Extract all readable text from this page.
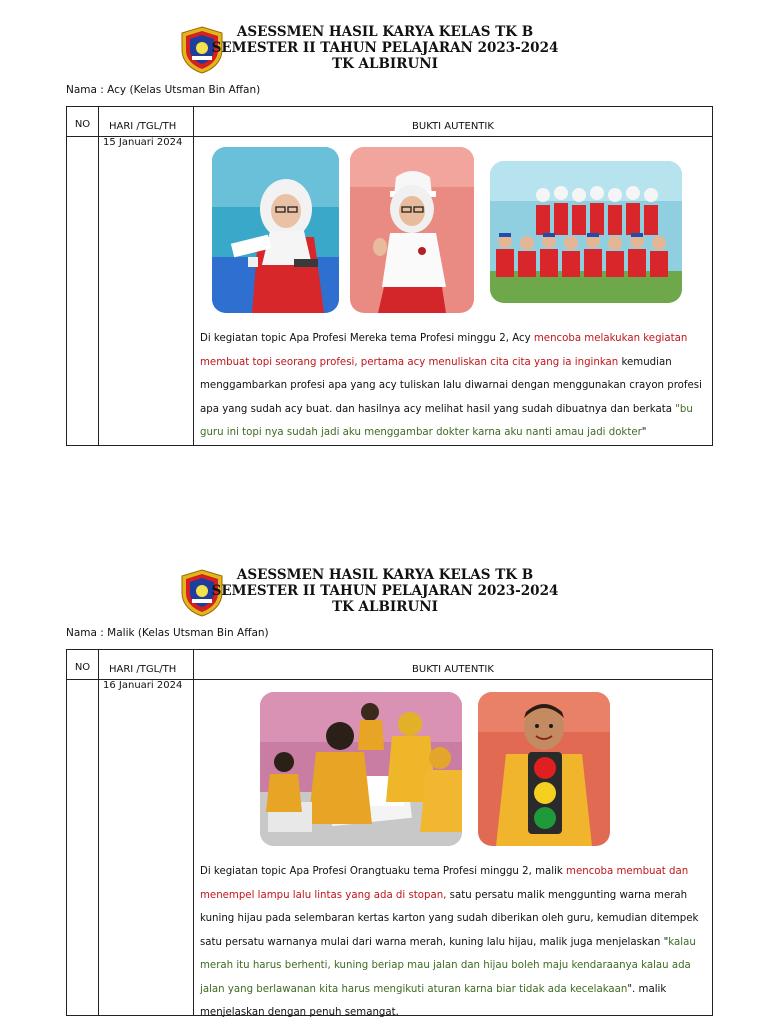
ASESSMEN HASIL KARYA KELAS TK B
SEMESTER II TAHUN PELAJARAN 2023-2024
TK ALBIRUNI
Nama : Acy (Kelas Utsman Bin Affan)
NO	HARI /TGL/TH	BUKTI AUTENTIK
	15 Januari 2024	Di kegiatan topic Apa Profesi Mereka tema Profesi minggu 2, Acy mencoba melakukan kegiatan membuat topi seorang profesi, pertama acy menuliskan cita cita yang ia inginkan kemudian menggambarkan profesi apa yang acy tuliskan lalu diwarnai dengan menggunakan crayon profesi apa yang sudah acy buat. dan hasilnya acy melihat hasil yang sudah dibuatnya dan berkata "bu guru ini topi nya sudah jadi aku menggambar dokter karna aku nanti amau jadi dokter"
ASESSMEN HASIL KARYA KELAS TK B
SEMESTER II TAHUN PELAJARAN 2023-2024
TK ALBIRUNI
Nama : Malik (Kelas Utsman Bin Affan)
NO	HARI /TGL/TH	BUKTI AUTENTIK
	16 Januari 2024	Di kegiatan topic Apa Profesi Orangtuaku tema Profesi minggu 2, malik mencoba membuat dan menempel lampu lalu lintas yang ada di stopan, satu persatu malik menggunting warna merah kuning hijau pada selembaran kertas karton yang sudah diberikan oleh guru, kemudian ditempek satu persatu warnanya mulai dari warna merah, kuning lalu hijau, malik juga menjelaskan "kalau merah itu harus berhenti, kuning beriap mau jalan dan hijau boleh maju kendaraanya kalau ada jalan yang berlawanan kita harus mengikuti aturan karna biar tidak ada kecelakaan". malik menjelaskan dengan penuh semangat.
